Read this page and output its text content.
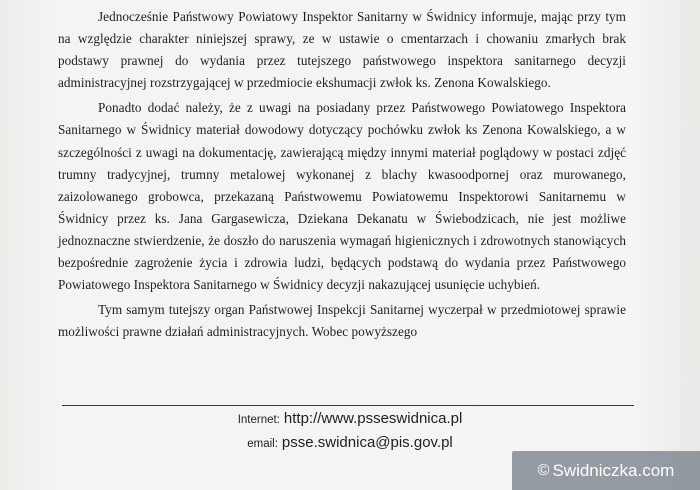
Jednocześnie Państwowy Powiatowy Inspektor Sanitarny w Świdnicy informuje, mając przy tym na względzie charakter niniejszej sprawy, ze w ustawie o cmentarzach i chowaniu zmarłych brak podstawy prawnej do wydania przez tutejszego państwowego inspektora sanitarnego decyzji administracyjnej rozstrzygającej w przedmiocie ekshumacji zwłok ks. Zenona Kowalskiego.

Ponadto dodać należy, że z uwagi na posiadany przez Państwowego Powiatowego Inspektora Sanitarnego w Świdnicy materiał dowodowy dotyczący pochówku zwłok ks Zenona Kowalskiego, a w szczególności z uwagi na dokumentację, zawierającą między innymi materiał poglądowy w postaci zdjęć trumny tradycyjnej, trumny metalowej wykonanej z blachy kwasoodpornej oraz murowanego, zaizolowanego grobowca, przekazaną Państwowemu Powiatowemu Inspektorowi Sanitarnemu w Świdnicy przez ks. Jana Gargasewicza, Dziekana Dekanatu w Świebodzicach, nie jest możliwe jednoznaczne stwierdzenie, że doszło do naruszenia wymagań higienicznych i zdrowotnych stanowiących bezpośrednie zagrożenie życia i zdrowia ludzi, będących podstawą do wydania przez Państwowego Powiatowego Inspektora Sanitarnego w Świdnicy decyzji nakazującej usunięcie uchybień.

Tym samym tutejszy organ Państwowej Inspekcji Sanitarnej wyczerpał w przedmiotowej sprawie możliwości prawne działań administracyjnych. Wobec powyższego

Internet: http://www.psseswidnica.pl
email: psse.swidnica@pis.gov.pl
© Swidniczka.com
